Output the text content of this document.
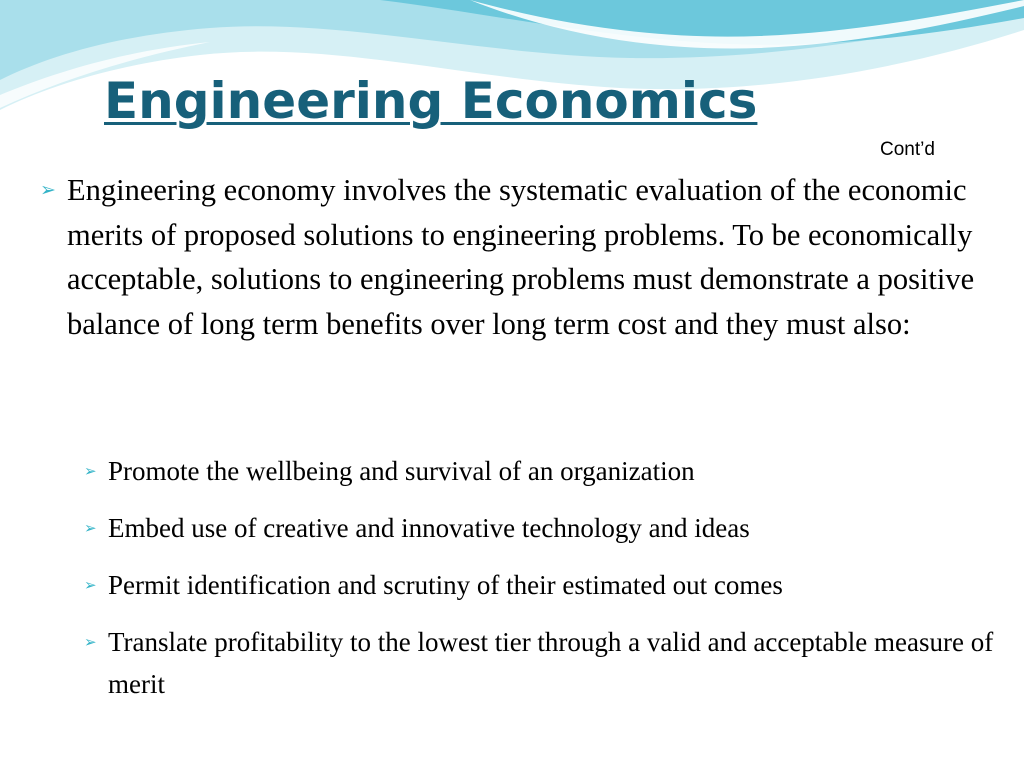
Engineering Economics
Cont’d
➢ Engineering economy involves the systematic evaluation of the economic merits of proposed solutions to engineering problems. To be economically acceptable, solutions to engineering problems must demonstrate a positive balance of long term benefits over long term cost and they must also:
➢ Promote the wellbeing and survival of an organization
➢ Embed use of creative and innovative technology and ideas
➢ Permit identification and scrutiny of their estimated out comes
➢ Translate profitability to the lowest tier through a valid and acceptable measure of merit
